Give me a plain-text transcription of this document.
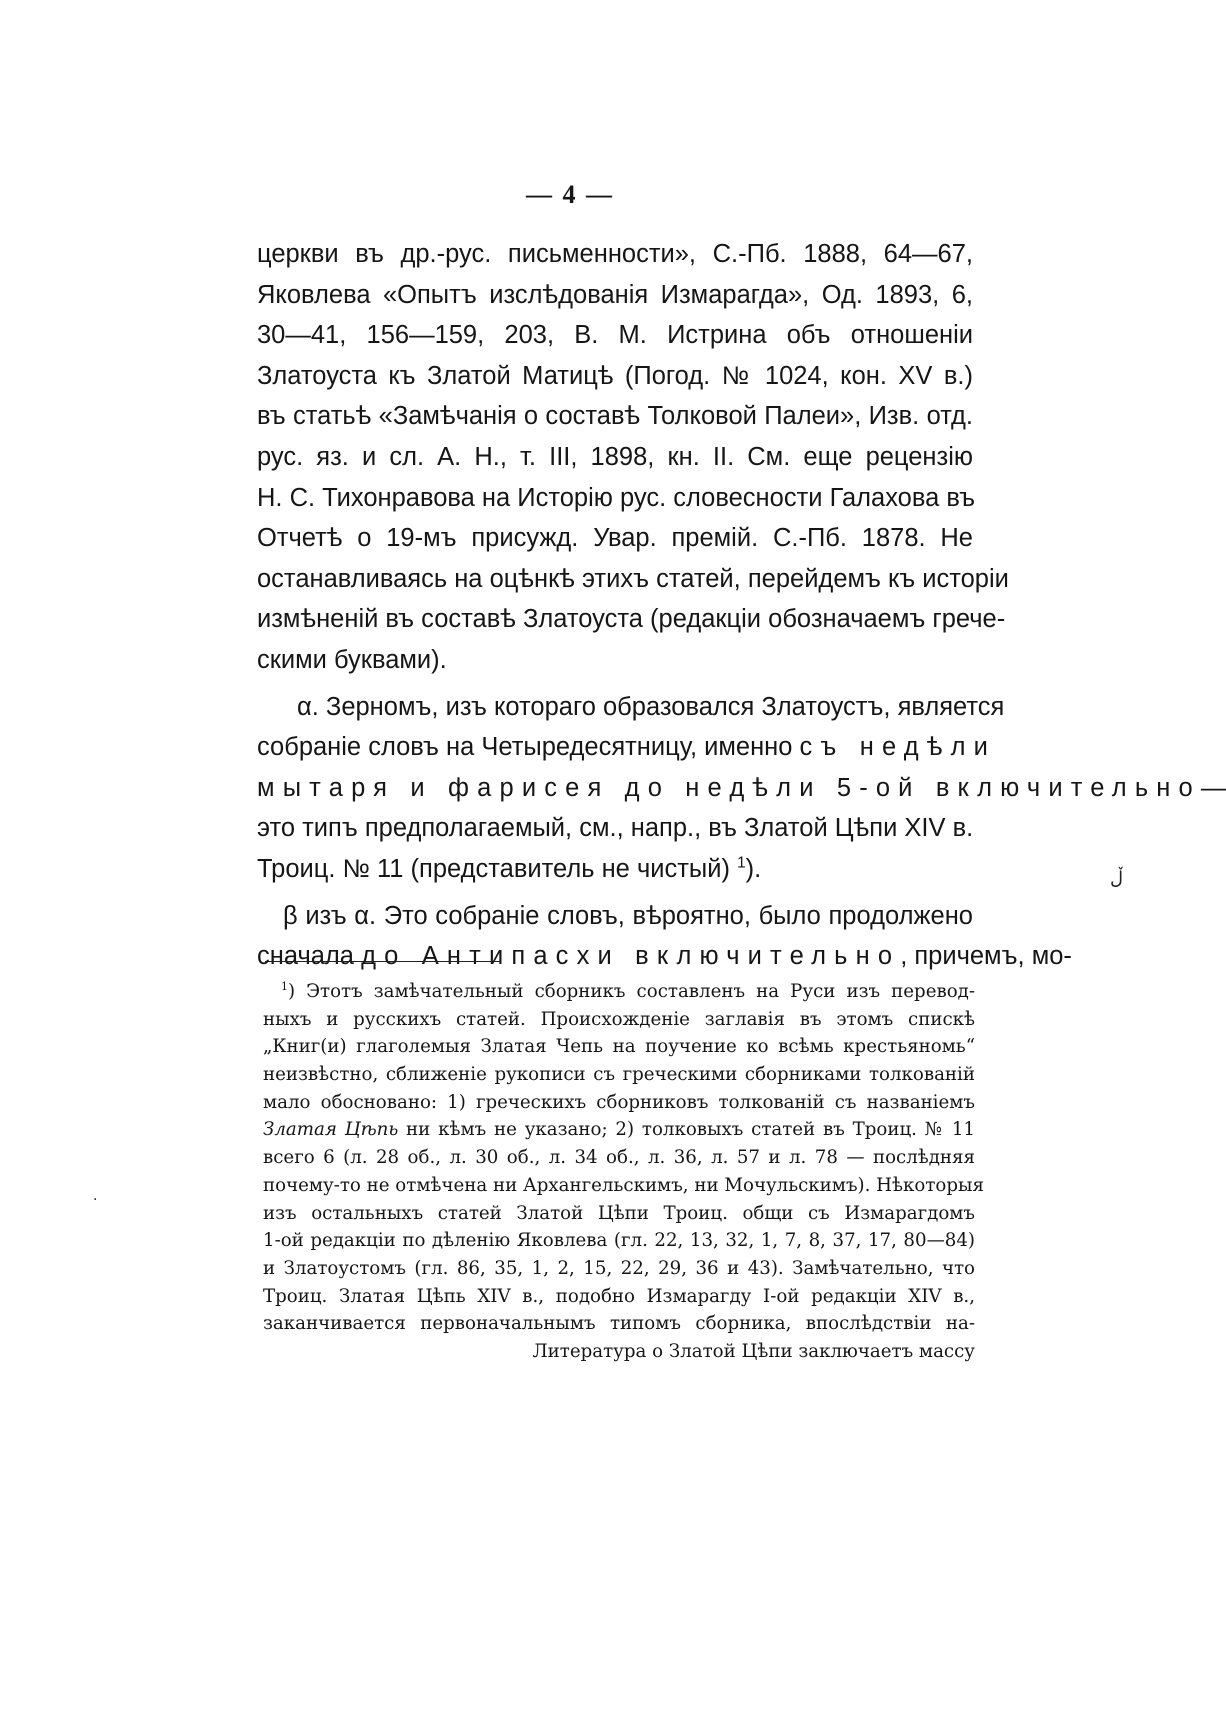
— 4 —
церкви въ др.-рус. письменности», С.-Пб. 1888, 64—67,
Яковлева «Опытъ изслѣдованія Измарагда», Од. 1893, 6,
30—41, 156—159, 203, В. М. Истрина объ отношеніи
Златоуста къ Златой Матицѣ (Погод. № 1024, кон. XV в.)
въ статьѣ «Замѣчанія о составѣ Толковой Палеи», Изв. отд.
рус. яз. и сл. А. Н., т. III, 1898, кн. II. См. еще рецензію
Н. С. Тихонравова на Исторію рус. словесности Галахова въ
Отчетѣ о 19-мъ присужд. Увар. премій. С.-Пб. 1878. Не
останавливаясь на оцѣнкѣ этихъ статей, перейдемъ къ исторіи
измѣненій въ составѣ Златоуста (редакціи обозначаемъ грече-
скими буквами).
α. Зерномъ, изъ котораго образовался Златоустъ, является
собраніе словъ на Четыредесятницу, именно съ недѣли
мытаря и фарисея до недѣли 5-ой включительно—
это типъ предполагаемый, см., напр., въ Златой Цѣпи XIV в.
Троиц. № 11 (представитель не чистый) $^1$).
β изъ α. Это собраніе словъ, вѣроятно, было продолжено
сначала до Антипасхи включительно, причемъ, мо-
$^1$) Этотъ замѣчательный сборникъ составленъ на Руси изъ перевод-
ныхъ и русскихъ статей. Происхожденіе заглавія въ этомъ спискѣ
„Книг(и) глаголемыя Златая Чепь на поучение ко всѣмь крестьяномь“
неизвѣстно, сближеніе рукописи съ греческими сборниками толкованій
мало обосновано: 1) греческихъ сборниковъ толкованій съ названіемъ
Златая Цѣпь ни кѣмъ не указано; 2) толковыхъ статей въ Троиц. № 11
всего 6 (л. 28 об., л. 30 об., л. 34 об., л. 36, л. 57 и л. 78 — послѣдняя
почему-то не отмѣчена ни Архангельскимъ, ни Мочульскимъ). Нѣкоторыя
изъ остальныхъ статей Златой Цѣпи Троиц. общи съ Измарагдомъ
1-ой редакціи по дѣленію Яковлева (гл. 22, 13, 32, 1, 7, 8, 37, 17, 80—84)
и Златоустомъ (гл. 86, 35, 1, 2, 15, 22, 29, 36 и 43). Замѣчательно, что
Троиц. Златая Цѣпь XIV в., подобно Измарагду I-ой редакціи XIV в.,
заканчивается первоначальнымъ типомъ сборника, впослѣдствіи на-
Литература о Златой Цѣпи заключаетъ массу
ڵ
·
